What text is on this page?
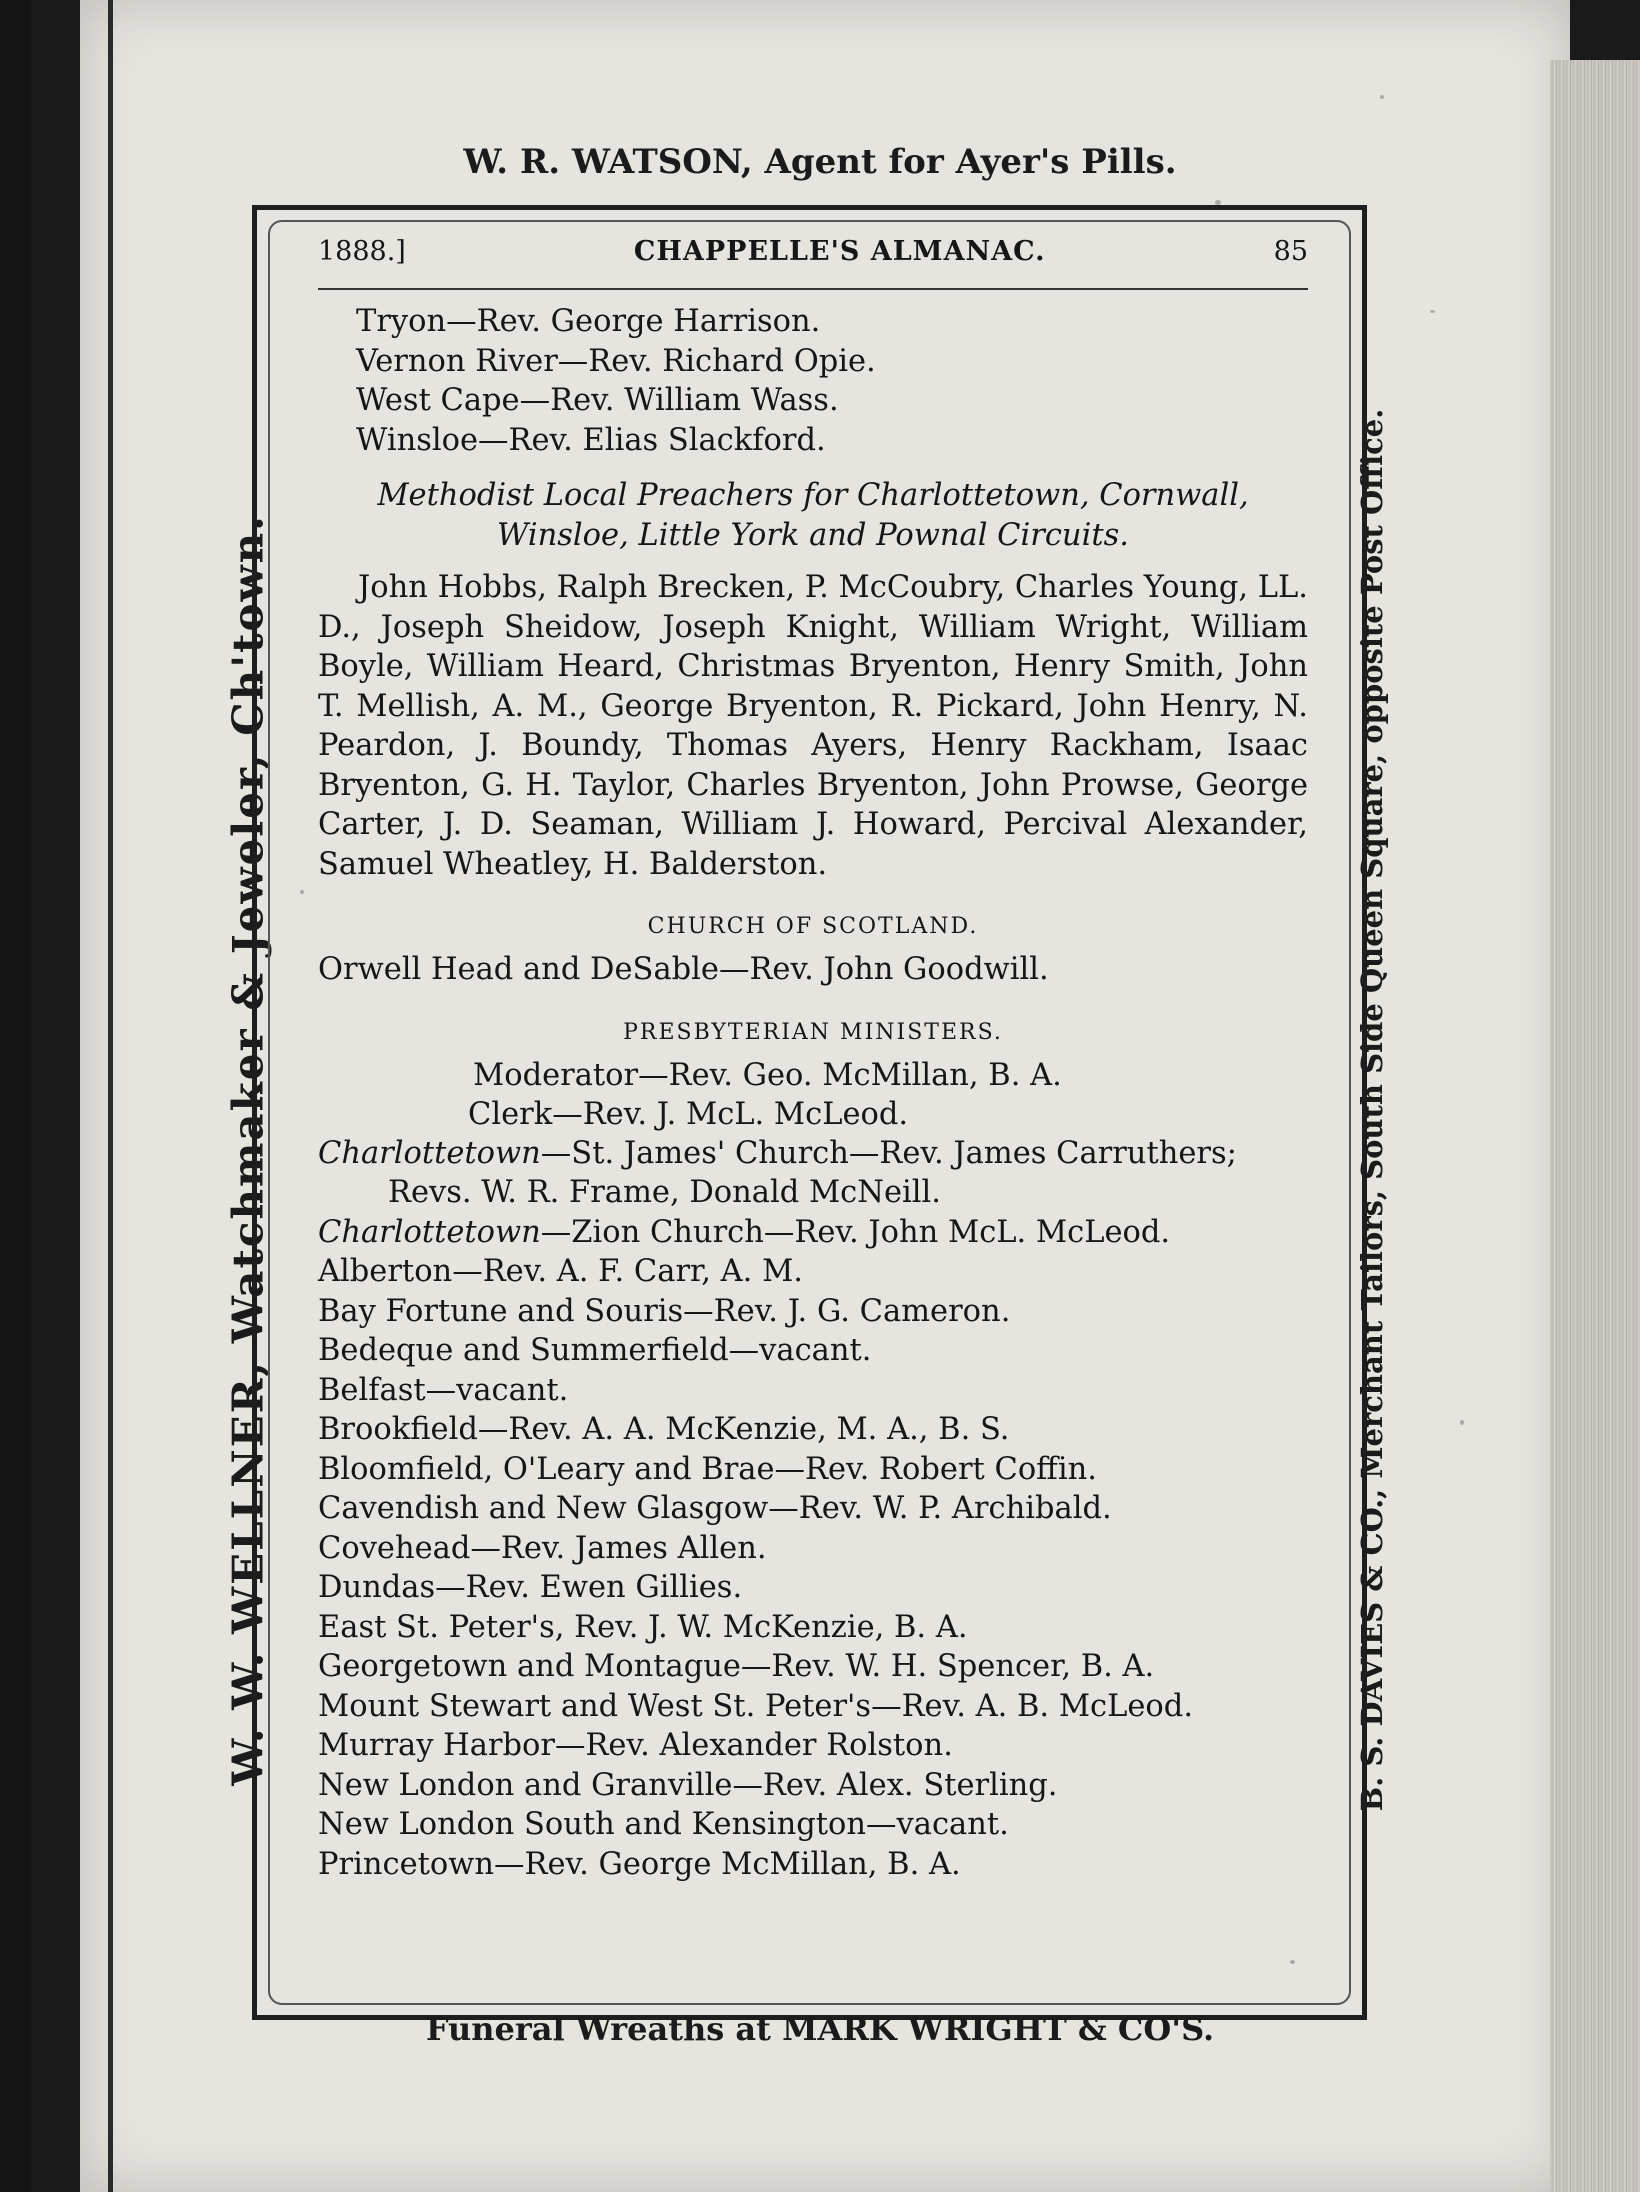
W. R. WATSON, Agent for Ayer's Pills.
W. W. WELLNER, Watchmaker & Jeweler, Ch'town.	B. S. DAVIES & CO., Merchant Tailors, South Side Queen Square, opposite Post Office.
1888.]	CHAPPELLE'S ALMANAC.	85
Tryon—Rev. George Harrison.
Vernon River—Rev. Richard Opie.
West Cape—Rev. William Wass.
Winsloe—Rev. Elias Slackford.
Methodist Local Preachers for Charlottetown, Cornwall,
Winsloe, Little York and Pownal Circuits.
John Hobbs, Ralph Brecken, P. McCoubry, Charles Young, LL. D., Joseph Sheidow, Joseph Knight, William Wright, William Boyle, William Heard, Christmas Bryenton, Henry Smith, John T. Mellish, A. M., George Bryenton, R. Pickard, John Henry, N. Peardon, J. Boundy, Thomas Ayers, Henry Rackham, Isaac Bryenton, G. H. Taylor, Charles Bryenton, John Prowse, George Carter, J. D. Seaman, William J. Howard, Percival Alexander, Samuel Wheatley, H. Balderston.
CHURCH OF SCOTLAND.
Orwell Head and DeSable—Rev. John Goodwill.
PRESBYTERIAN MINISTERS.
Moderator—Rev. Geo. McMillan, B. A.
Clerk—Rev. J. McL. McLeod.
Charlottetown—St. James' Church—Rev. James Carruthers;
Revs. W. R. Frame, Donald McNeill.
Charlottetown—Zion Church—Rev. John McL. McLeod.
Alberton—Rev. A. F. Carr, A. M.
Bay Fortune and Souris—Rev. J. G. Cameron.
Bedeque and Summerfield—vacant.
Belfast—vacant.
Brookfield—Rev. A. A. McKenzie, M. A., B. S.
Bloomfield, O'Leary and Brae—Rev. Robert Coffin.
Cavendish and New Glasgow—Rev. W. P. Archibald.
Covehead—Rev. James Allen.
Dundas—Rev. Ewen Gillies.
East St. Peter's, Rev. J. W. McKenzie, B. A.
Georgetown and Montague—Rev. W. H. Spencer, B. A.
Mount Stewart and West St. Peter's—Rev. A. B. McLeod.
Murray Harbor—Rev. Alexander Rolston.
New London and Granville—Rev. Alex. Sterling.
New London South and Kensington—vacant.
Princetown—Rev. George McMillan, B. A.
Funeral Wreaths at MARK WRIGHT & CO'S.
